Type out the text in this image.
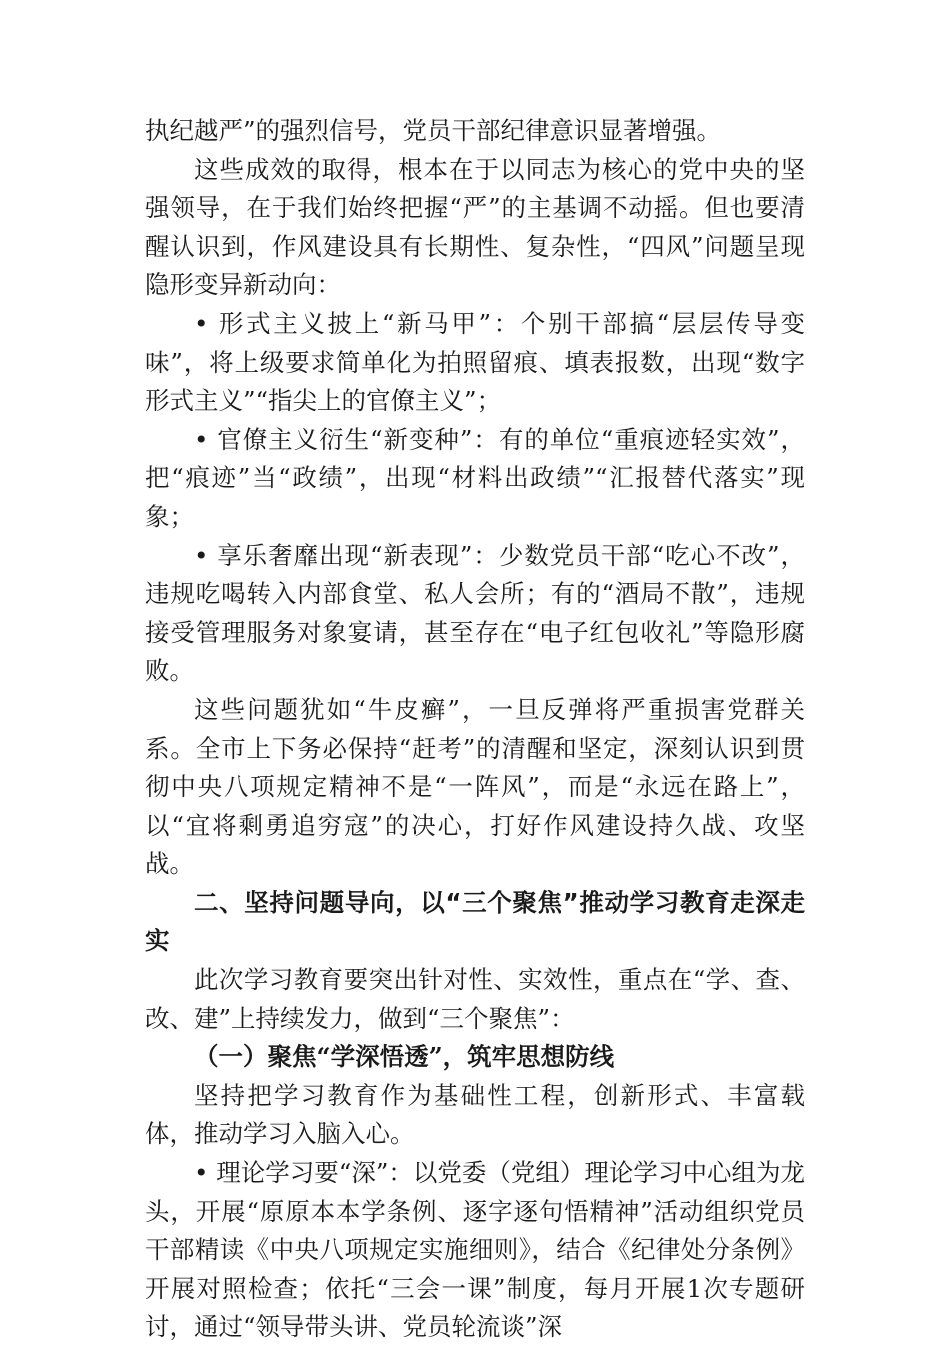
执纪越严”的强烈信号，党员干部纪律意识显著增强。

这些成效的取得，根本在于以同志为核心的党中央的坚强领导，在于我们始终把握“严”的主基调不动摇。但也要清醒认识到，作风建设具有长期性、复杂性，“四风”问题呈现隐形变异新动向：

• 形式主义披上“新马甲”：个别干部搞“层层传导变味”，将上级要求简单化为拍照留痕、填表报数，出现“数字形式主义”“指尖上的官僚主义”；

• 官僚主义衍生“新变种”：有的单位“重痕迹轻实效”，把“痕迹”当“政绩”，出现“材料出政绩”“汇报替代落实”现象；

• 享乐奢靡出现“新表现”：少数党员干部“吃心不改”，违规吃喝转入内部食堂、私人会所；有的“酒局不散”，违规接受管理服务对象宴请，甚至存在“电子红包收礼”等隐形腐败。

这些问题犹如“牛皮癣”，一旦反弹将严重损害党群关系。全市上下务必保持“赶考”的清醒和坚定，深刻认识到贯彻中央八项规定精神不是“一阵风”，而是“永远在路上”，以“宜将剩勇追穷寇”的决心，打好作风建设持久战、攻坚战。

二、坚持问题导向，以“三个聚焦”推动学习教育走深走实

此次学习教育要突出针对性、实效性，重点在“学、查、改、建”上持续发力，做到“三个聚焦”：

（一）聚焦“学深悟透”，筑牢思想防线

坚持把学习教育作为基础性工程，创新形式、丰富载体，推动学习入脑入心。

• 理论学习要“深”：以党委（党组）理论学习中心组为龙头，开展“原原本本学条例、逐字逐句悟精神”活动组织党员干部精读《中央八项规定实施细则》，结合《纪律处分条例》开展对照检查；依托“三会一课”制度，每月开展1次专题研讨，通过“领导带头讲、党员轮流谈”深
